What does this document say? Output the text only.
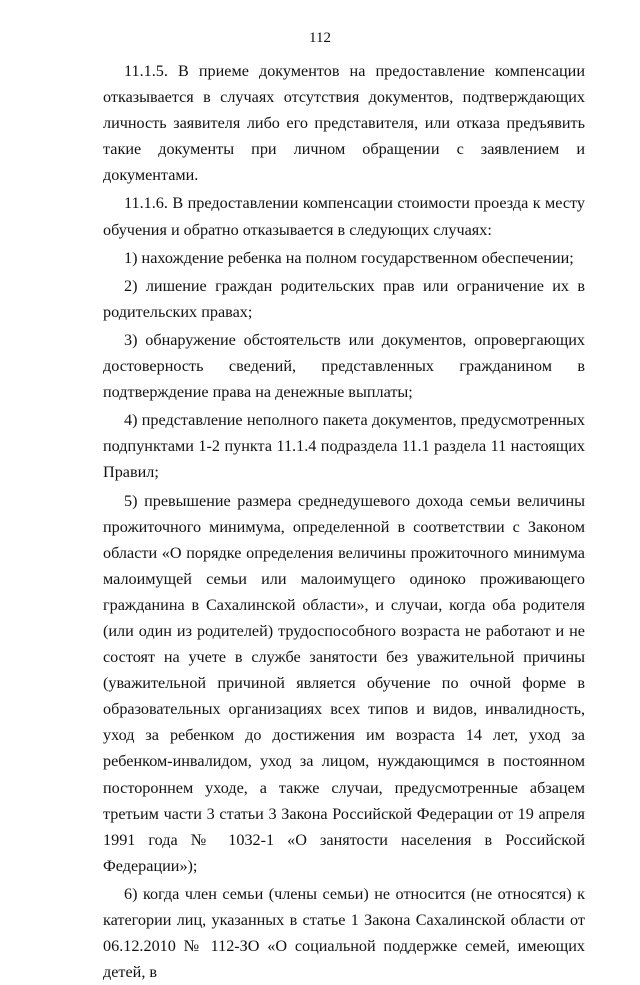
112

11.1.5. В приеме документов на предоставление компенсации отказывается в случаях отсутствия документов, подтверждающих личность заявителя либо его представителя, или отказа предъявить такие документы при личном обращении с заявлением и документами.

11.1.6. В предоставлении компенсации стоимости проезда к месту обучения и обратно отказывается в следующих случаях:

1) нахождение ребенка на полном государственном обеспечении;

2) лишение граждан родительских прав или ограничение их в родительских правах;

3) обнаружение обстоятельств или документов, опровергающих достоверность сведений, представленных гражданином в подтверждение права на денежные выплаты;

4) представление неполного пакета документов, предусмотренных подпунктами 1-2 пункта 11.1.4 подраздела 11.1 раздела 11 настоящих Правил;

5) превышение размера среднедушевого дохода семьи величины прожиточного минимума, определенной в соответствии с Законом области «О порядке определения величины прожиточного минимума малоимущей семьи или малоимущего одиноко проживающего гражданина в Сахалинской области», и случаи, когда оба родителя (или один из родителей) трудоспособного возраста не работают и не состоят на учете в службе занятости без уважительной причины (уважительной причиной является обучение по очной форме в образовательных организациях всех типов и видов, инвалидность, уход за ребенком до достижения им возраста 14 лет, уход за ребенком-инвалидом, уход за лицом, нуждающимся в постоянном постороннем уходе, а также случаи, предусмотренные абзацем третьим части 3 статьи 3 Закона Российской Федерации от 19 апреля 1991 года № 1032-1 «О занятости населения в Российской Федерации»);

6) когда член семьи (члены семьи) не относится (не относятся) к категории лиц, указанных в статье 1 Закона Сахалинской области от 06.12.2010 № 112-ЗО «О социальной поддержке семей, имеющих детей, в
